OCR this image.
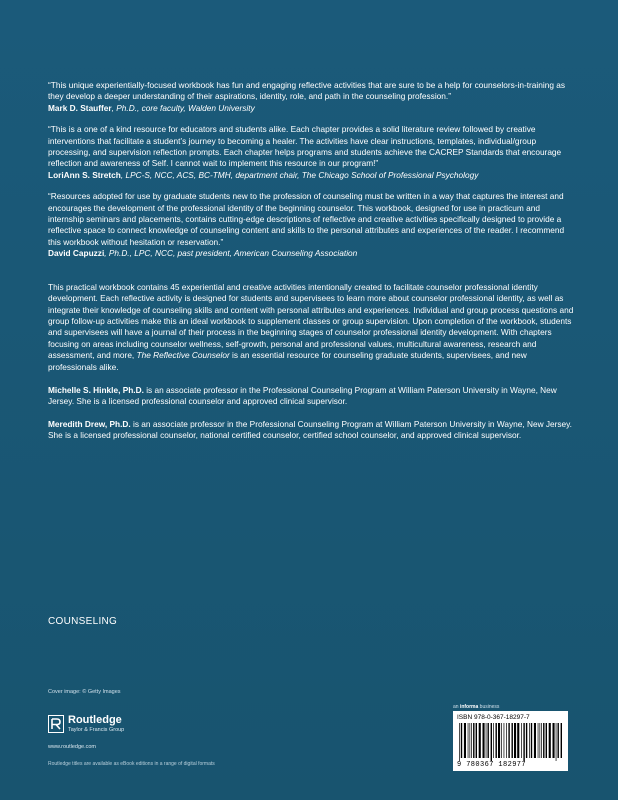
“This unique experientially-focused workbook has fun and engaging reflective activities that are sure to be a help for counselors-in-training as they develop a deeper understanding of their aspirations, identity, role, and path in the counseling profession.”

Mark D. Stauffer, Ph.D., core faculty, Walden University

“This is a one of a kind resource for educators and students alike. Each chapter provides a solid literature review followed by creative interventions that facilitate a student’s journey to becoming a healer. The activities have clear instructions, templates, individual/group processing, and supervision reflection prompts. Each chapter helps programs and students achieve the CACREP Standards that encourage reflection and awareness of Self. I cannot wait to implement this resource in our program!”

LoriAnn S. Stretch, LPC-S, NCC, ACS, BC-TMH, department chair, The Chicago School of Professional Psychology

“Resources adopted for use by graduate students new to the profession of counseling must be written in a way that captures the interest and encourages the development of the professional identity of the beginning counselor. This workbook, designed for use in practicum and internship seminars and placements, contains cutting-edge descriptions of reflective and creative activities specifically designed to provide a reflective space to connect knowledge of counseling content and skills to the personal attributes and experiences of the reader. I recommend this workbook without hesitation or reservation.”

David Capuzzi, Ph.D., LPC, NCC, past president, American Counseling Association

This practical workbook contains 45 experiential and creative activities intentionally created to facilitate counselor professional identity development. Each reflective activity is designed for students and supervisees to learn more about counselor professional identity, as well as integrate their knowledge of counseling skills and content with personal attributes and experiences. Individual and group process questions and group follow-up activities make this an ideal workbook to supplement classes or group supervision. Upon completion of the workbook, students and supervisees will have a journal of their process in the beginning stages of counselor professional identity development. With chapters focusing on areas including counselor wellness, self-growth, personal and professional values, multicultural awareness, research and assessment, and more, The Reflective Counselor is an essential resource for counseling graduate students, supervisees, and new professionals alike.

Michelle S. Hinkle, Ph.D. is an associate professor in the Professional Counseling Program at William Paterson University in Wayne, New Jersey. She is a licensed professional counselor and approved clinical supervisor.

Meredith Drew, Ph.D. is an associate professor in the Professional Counseling Program at William Paterson University in Wayne, New Jersey. She is a licensed professional counselor, national certified counselor, certified school counselor, and approved clinical supervisor.

COUNSELING
Cover image: © Getty Images
Routledge
Taylor & Francis Group
www.routledge.com
Routledge titles are available as eBook editions in a range of digital formats
an informa business
ISBN 978-0-367-18297-7
9 780367 182977
